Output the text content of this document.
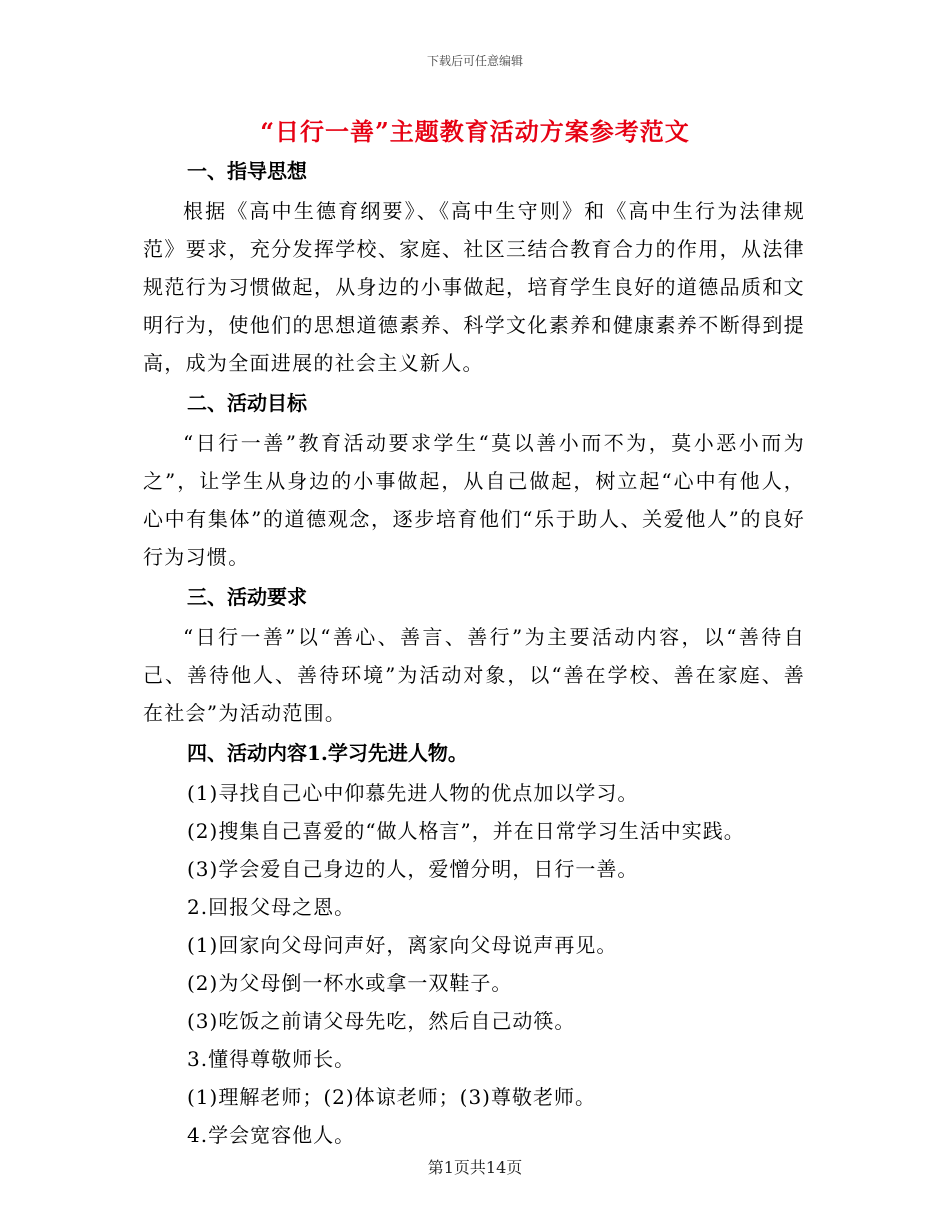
下载后可任意编辑
“日行一善”主题教育活动方案参考范文
一、指导思想

根据《高中生德育纲要》、《高中生守则》和《高中生行为法律规范》要求，充分发挥学校、家庭、社区三结合教育合力的作用，从法律规范行为习惯做起，从身边的小事做起，培育学生良好的道德品质和文明行为，使他们的思想道德素养、科学文化素养和健康素养不断得到提高，成为全面进展的社会主义新人。

二、活动目标

“日行一善”教育活动要求学生“莫以善小而不为，莫小恶小而为之”，让学生从身边的小事做起，从自己做起，树立起“心中有他人，心中有集体”的道德观念，逐步培育他们“乐于助人、关爱他人”的良好行为习惯。

三、活动要求

“日行一善”以“善心、善言、善行”为主要活动内容，以“善待自己、善待他人、善待环境”为活动对象，以“善在学校、善在家庭、善在社会”为活动范围。

四、活动内容1.学习先进人物。
(1)寻找自己心中仰慕先进人物的优点加以学习。
(2)搜集自己喜爱的“做人格言”，并在日常学习生活中实践。
(3)学会爱自己身边的人，爱憎分明，日行一善。
2.回报父母之恩。
(1)回家向父母问声好，离家向父母说声再见。
(2)为父母倒一杯水或拿一双鞋子。
(3)吃饭之前请父母先吃，然后自己动筷。
3.懂得尊敬师长。
(1)理解老师；(2)体谅老师；(3)尊敬老师。
4.学会宽容他人。
第1页共14页
